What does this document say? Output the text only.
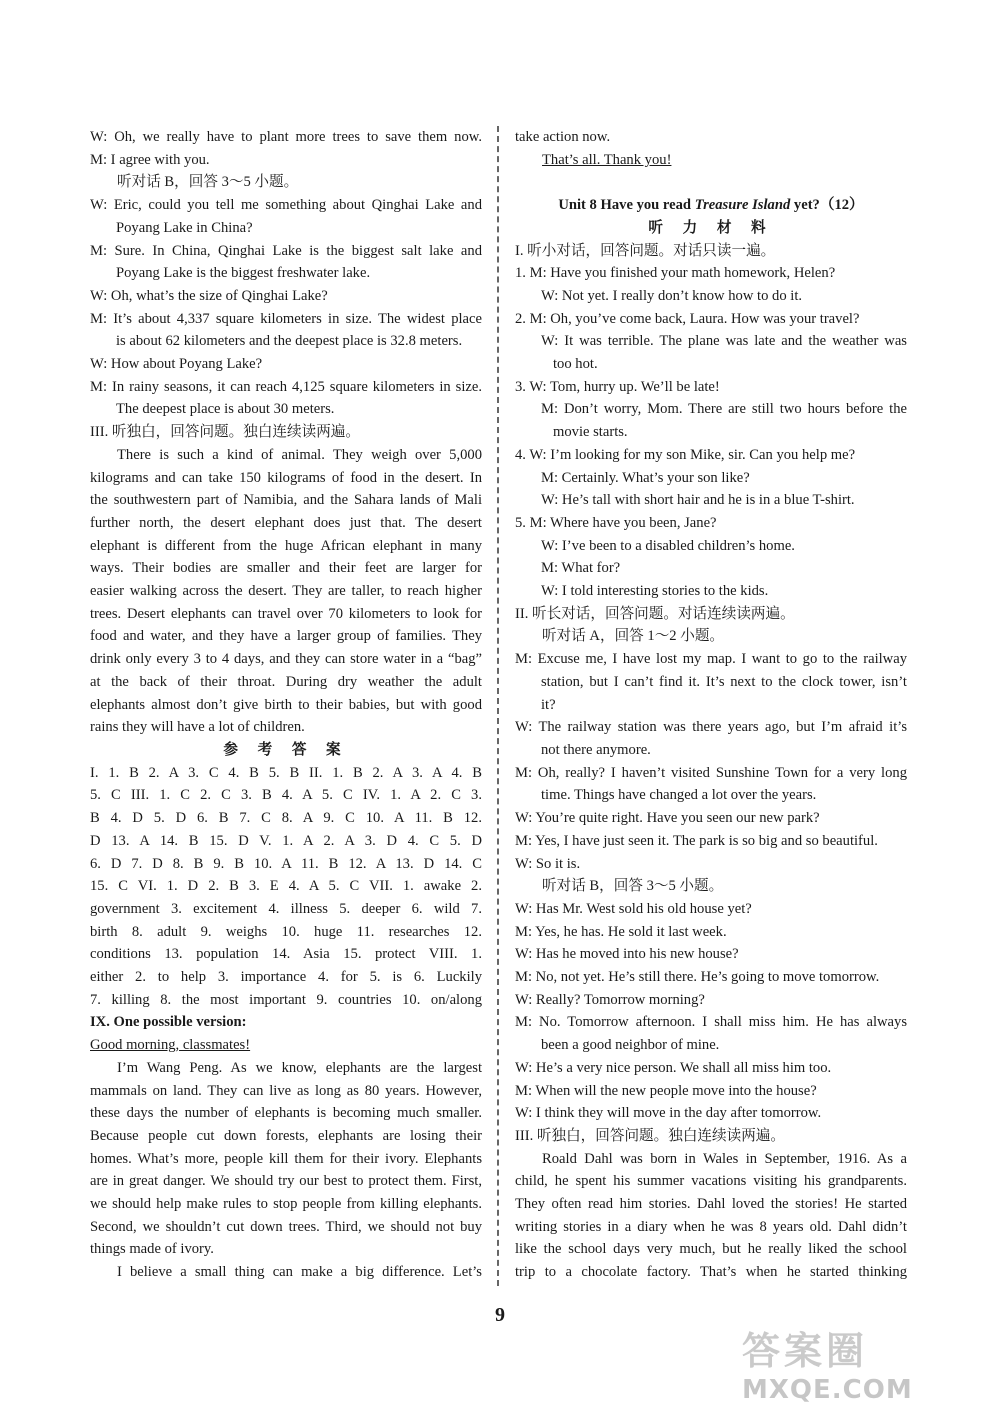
W: Oh, we really have to plant more trees to save them now.
M: I agree with you.
听对话 B，回答 3～5 小题。
W: Eric, could you tell me something about Qinghai Lake and
Poyang Lake in China?
M: Sure. In China, Qinghai Lake is the biggest salt lake and
Poyang Lake is the biggest freshwater lake.
W: Oh, what’s the size of Qinghai Lake?
M: It’s about 4,337 square kilometers in size. The widest place
is about 62 kilometers and the deepest place is 32.8 meters.
W: How about Poyang Lake?
M: In rainy seasons, it can reach 4,125 square kilometers in size.
The deepest place is about 30 meters.
III. 听独白，回答问题。独白连续读两遍。
There is such a kind of animal. They weigh over 5,000
kilograms and can take 150 kilograms of food in the desert. In
the southwestern part of Namibia, and the Sahara lands of Mali
further north, the desert elephant does just that. The desert
elephant is different from the huge African elephant in many
ways. Their bodies are smaller and their feet are larger for
easier walking across the desert. They are taller, to reach higher
trees. Desert elephants can travel over 70 kilometers to look for
food and water, and they have a larger group of families. They
drink only every 3 to 4 days, and they can store water in a “bag”
at the back of their throat. During dry weather the adult
elephants almost don’t give birth to their babies, but with good
rains they will have a lot of children.
参 考 答 案
I. 1. B 2. A 3. C 4. B 5. B II. 1. B 2. A 3. A 4. B
5. C III. 1. C 2. C 3. B 4. A 5. C IV. 1. A 2. C 3.
B 4. D 5. D 6. B 7. C 8. A 9. C 10. A 11. B 12.
D 13. A 14. B 15. D V. 1. A 2. A 3. D 4. C 5. D
6. D 7. D 8. B 9. B 10. A 11. B 12. A 13. D 14. C
15. C VI. 1. D 2. B 3. E 4. A 5. C VII. 1. awake 2.
government 3. excitement 4. illness 5. deeper 6. wild 7.
birth 8. adult 9. weighs 10. huge 11. researches 12.
conditions 13. population 14. Asia 15. protect VIII. 1.
either 2. to help 3. importance 4. for 5. is 6. Luckily
7. killing 8. the most important 9. countries 10. on/along
IX. One possible version:
Good morning, classmates!
I’m Wang Peng. As we know, elephants are the largest
mammals on land. They can live as long as 80 years. However,
these days the number of elephants is becoming much smaller.
Because people cut down forests, elephants are losing their
homes. What’s more, people kill them for their ivory. Elephants
are in great danger. We should try our best to protect them. First,
we should help make rules to stop people from killing elephants.
Second, we shouldn’t cut down trees. Third, we should not buy
things made of ivory.
I believe a small thing can make a big difference. Let’s
take action now.
That’s all. Thank you!

Unit 8 Have you read Treasure Island yet?（12）
听 力 材 料
I. 听小对话，回答问题。对话只读一遍。
1. M: Have you finished your math homework, Helen?
W: Not yet. I really don’t know how to do it.
2. M: Oh, you’ve come back, Laura. How was your travel?
W: It was terrible. The plane was late and the weather was
too hot.
3. W: Tom, hurry up. We’ll be late!
M: Don’t worry, Mom. There are still two hours before the
movie starts.
4. W: I’m looking for my son Mike, sir. Can you help me?
M: Certainly. What’s your son like?
W: He’s tall with short hair and he is in a blue T-shirt.
5. M: Where have you been, Jane?
W: I’ve been to a disabled children’s home.
M: What for?
W: I told interesting stories to the kids.
II. 听长对话，回答问题。对话连续读两遍。
听对话 A，回答 1～2 小题。
M: Excuse me, I have lost my map. I want to go to the railway
station, but I can’t find it. It’s next to the clock tower, isn’t
it?
W: The railway station was there years ago, but I’m afraid it’s
not there anymore.
M: Oh, really? I haven’t visited Sunshine Town for a very long
time. Things have changed a lot over the years.
W: You’re quite right. Have you seen our new park?
M: Yes, I have just seen it. The park is so big and so beautiful.
W: So it is.
听对话 B，回答 3～5 小题。
W: Has Mr. West sold his old house yet?
M: Yes, he has. He sold it last week.
W: Has he moved into his new house?
M: No, not yet. He’s still there. He’s going to move tomorrow.
W: Really? Tomorrow morning?
M: No. Tomorrow afternoon. I shall miss him. He has always
been a good neighbor of mine.
W: He’s a very nice person. We shall all miss him too.
M: When will the new people move into the house?
W: I think they will move in the day after tomorrow.
III. 听独白，回答问题。独白连续读两遍。
Roald Dahl was born in Wales in September, 1916. As a
child, he spent his summer vacations visiting his grandparents.
They often read him stories. Dahl loved the stories! He started
writing stories in a diary when he was 8 years old. Dahl didn’t
like the school days very much, but he really liked the school
trip to a chocolate factory. That’s when he started thinking
9
答案圈
MXQE.COM
